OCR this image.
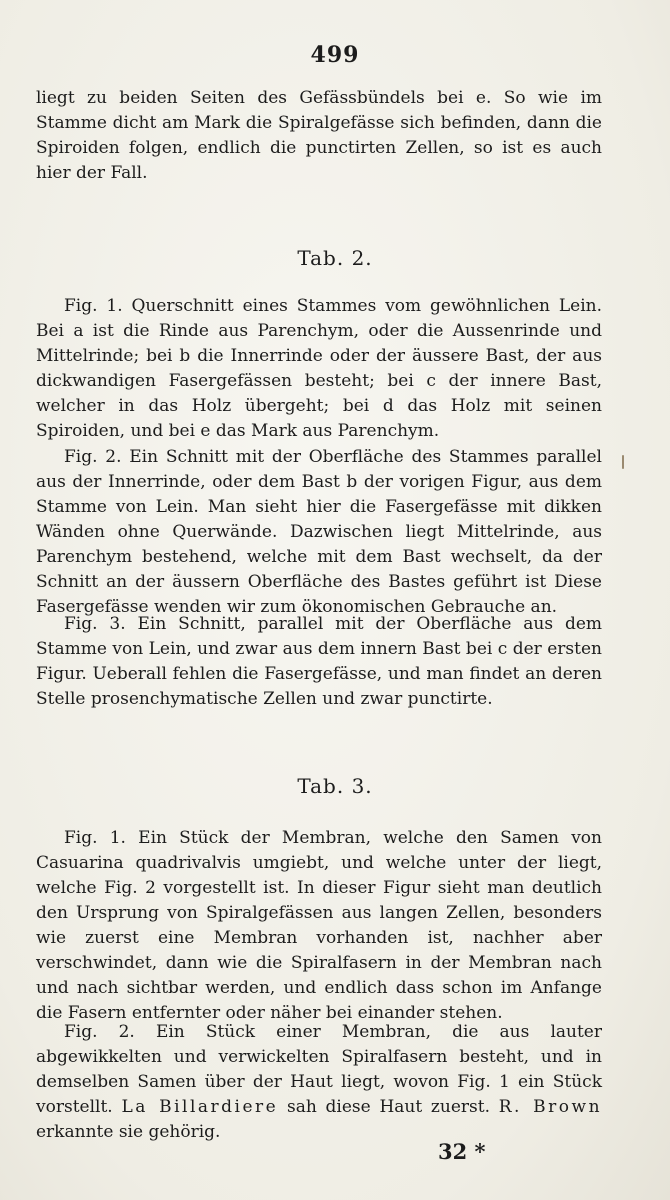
499

liegt zu beiden Seiten des Gefässbündels bei e. So wie im Stamme dicht am Mark die Spiralgefässe sich befinden, dann die Spiroiden folgen, endlich die punctirten Zellen, so ist es auch hier der Fall.

Tab. 2.

Fig. 1. Querschnitt eines Stammes vom gewöhnlichen Lein. Bei a ist die Rinde aus Parenchym, oder die Aussenrinde und Mittelrinde; bei b die Innerrinde oder der äussere Bast, der aus dickwandigen Fasergefässen besteht; bei c der innere Bast, welcher in das Holz übergeht; bei d das Holz mit seinen Spiroiden, und bei e das Mark aus Parenchym.

Fig. 2. Ein Schnitt mit der Oberfläche des Stammes parallel aus der Innerrinde, oder dem Bast b der vorigen Figur, aus dem Stamme von Lein. Man sieht hier die Fasergefässe mit dikken Wänden ohne Querwände. Dazwischen liegt Mittelrinde, aus Parenchym bestehend, welche mit dem Bast wechselt, da der Schnitt an der äussern Oberfläche des Bastes geführt ist Diese Fasergefässe wenden wir zum ökonomischen Gebrauche an.

Fig. 3. Ein Schnitt, parallel mit der Oberfläche aus dem Stamme von Lein, und zwar aus dem innern Bast bei c der ersten Figur. Ueberall fehlen die Fasergefässe, und man findet an deren Stelle prosenchymatische Zellen und zwar punctirte.

Tab. 3.

Fig. 1. Ein Stück der Membran, welche den Samen von Casuarina quadrivalvis umgiebt, und welche unter der liegt, welche Fig. 2 vorgestellt ist. In dieser Figur sieht man deutlich den Ursprung von Spiralgefässen aus langen Zellen, besonders wie zuerst eine Membran vorhanden ist, nachher aber verschwindet, dann wie die Spiralfasern in der Membran nach und nach sichtbar werden, und endlich dass schon im Anfange die Fasern entfernter oder näher bei einander stehen.

Fig. 2. Ein Stück einer Membran, die aus lauter abgewikkelten und verwickelten Spiralfasern besteht, und in demselben Samen über der Haut liegt, wovon Fig. 1 ein Stück vorstellt. La Billardiere sah diese Haut zuerst. R. Brown erkannte sie gehörig.

32 *
